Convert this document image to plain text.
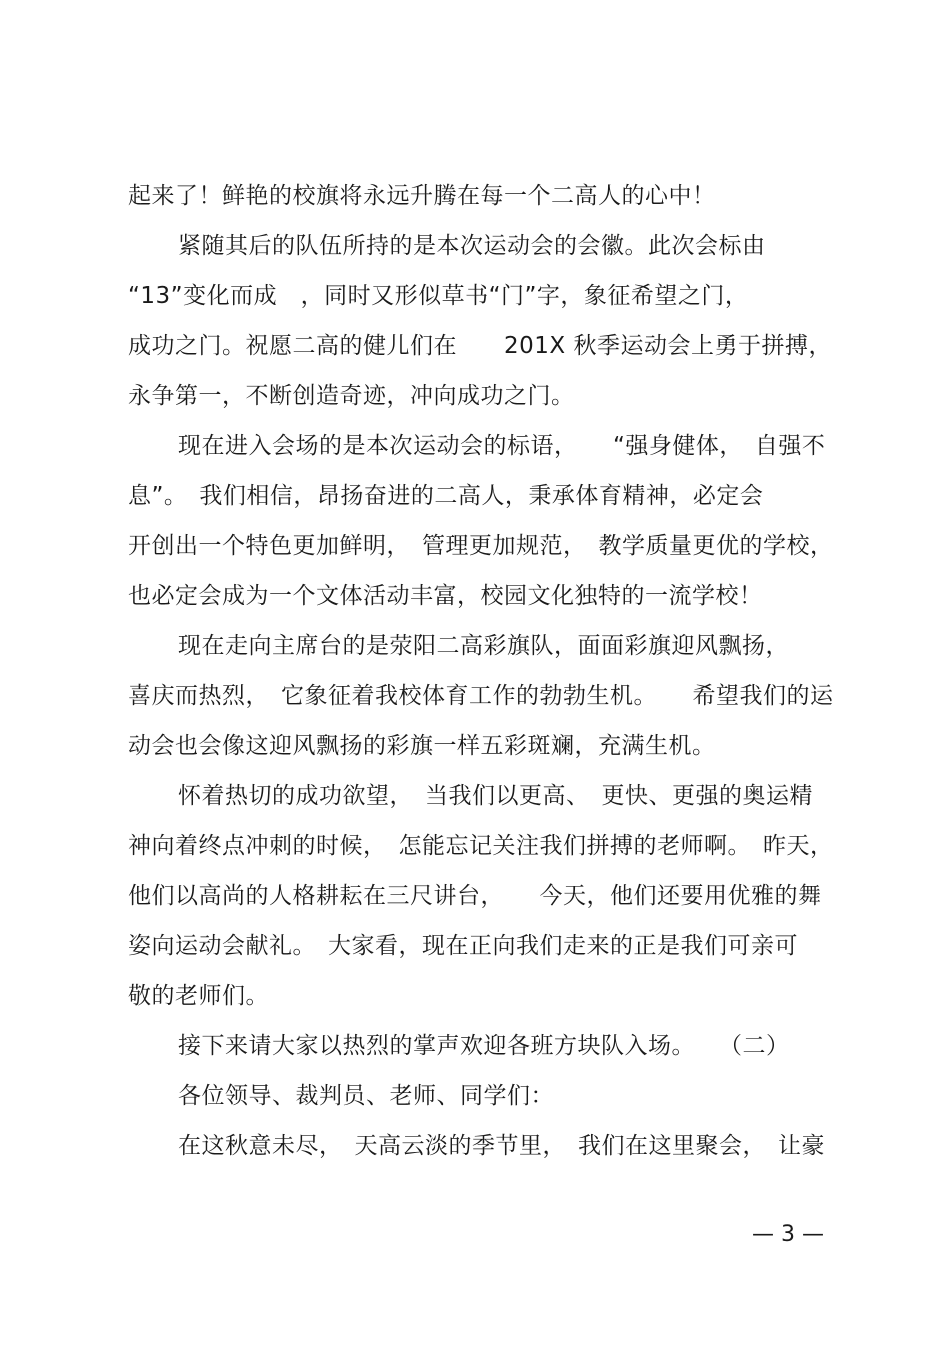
起来了！鲜艳的校旗将永远升腾在每一个二高人的心中！
紧随其后的队伍所持的是本次运动会的会徽。此次会标由
“13”变化而成　，同时又形似草书“门”字，象征希望之门，
成功之门。祝愿二高的健儿们在　　201X 秋季运动会上勇于拼搏，
永争第一，不断创造奇迹，冲向成功之门。
现在进入会场的是本次运动会的标语，　　“强身健体，　自强不
息”。　我们相信，昂扬奋进的二高人，秉承体育精神，必定会
开创出一个特色更加鲜明，　管理更加规范，　教学质量更优的学校，
也必定会成为一个文体活动丰富，校园文化独特的一流学校！
现在走向主席台的是荥阳二高彩旗队，面面彩旗迎风飘扬，
喜庆而热烈，　它象征着我校体育工作的勃勃生机。　　希望我们的运
动会也会像这迎风飘扬的彩旗一样五彩斑斓，充满生机。
怀着热切的成功欲望，　当我们以更高、　更快、更强的奥运精
神向着终点冲刺的时候，　怎能忘记关注我们拼搏的老师啊。　昨天，
他们以高尚的人格耕耘在三尺讲台，　　今天，他们还要用优雅的舞
姿向运动会献礼。　大家看，现在正向我们走来的正是我们可亲可
敬的老师们。
接下来请大家以热烈的掌声欢迎各班方块队入场。　　（二）
各位领导、裁判员、老师、同学们：
在这秋意未尽，　天高云淡的季节里，　我们在这里聚会，　让豪
— 3 —
